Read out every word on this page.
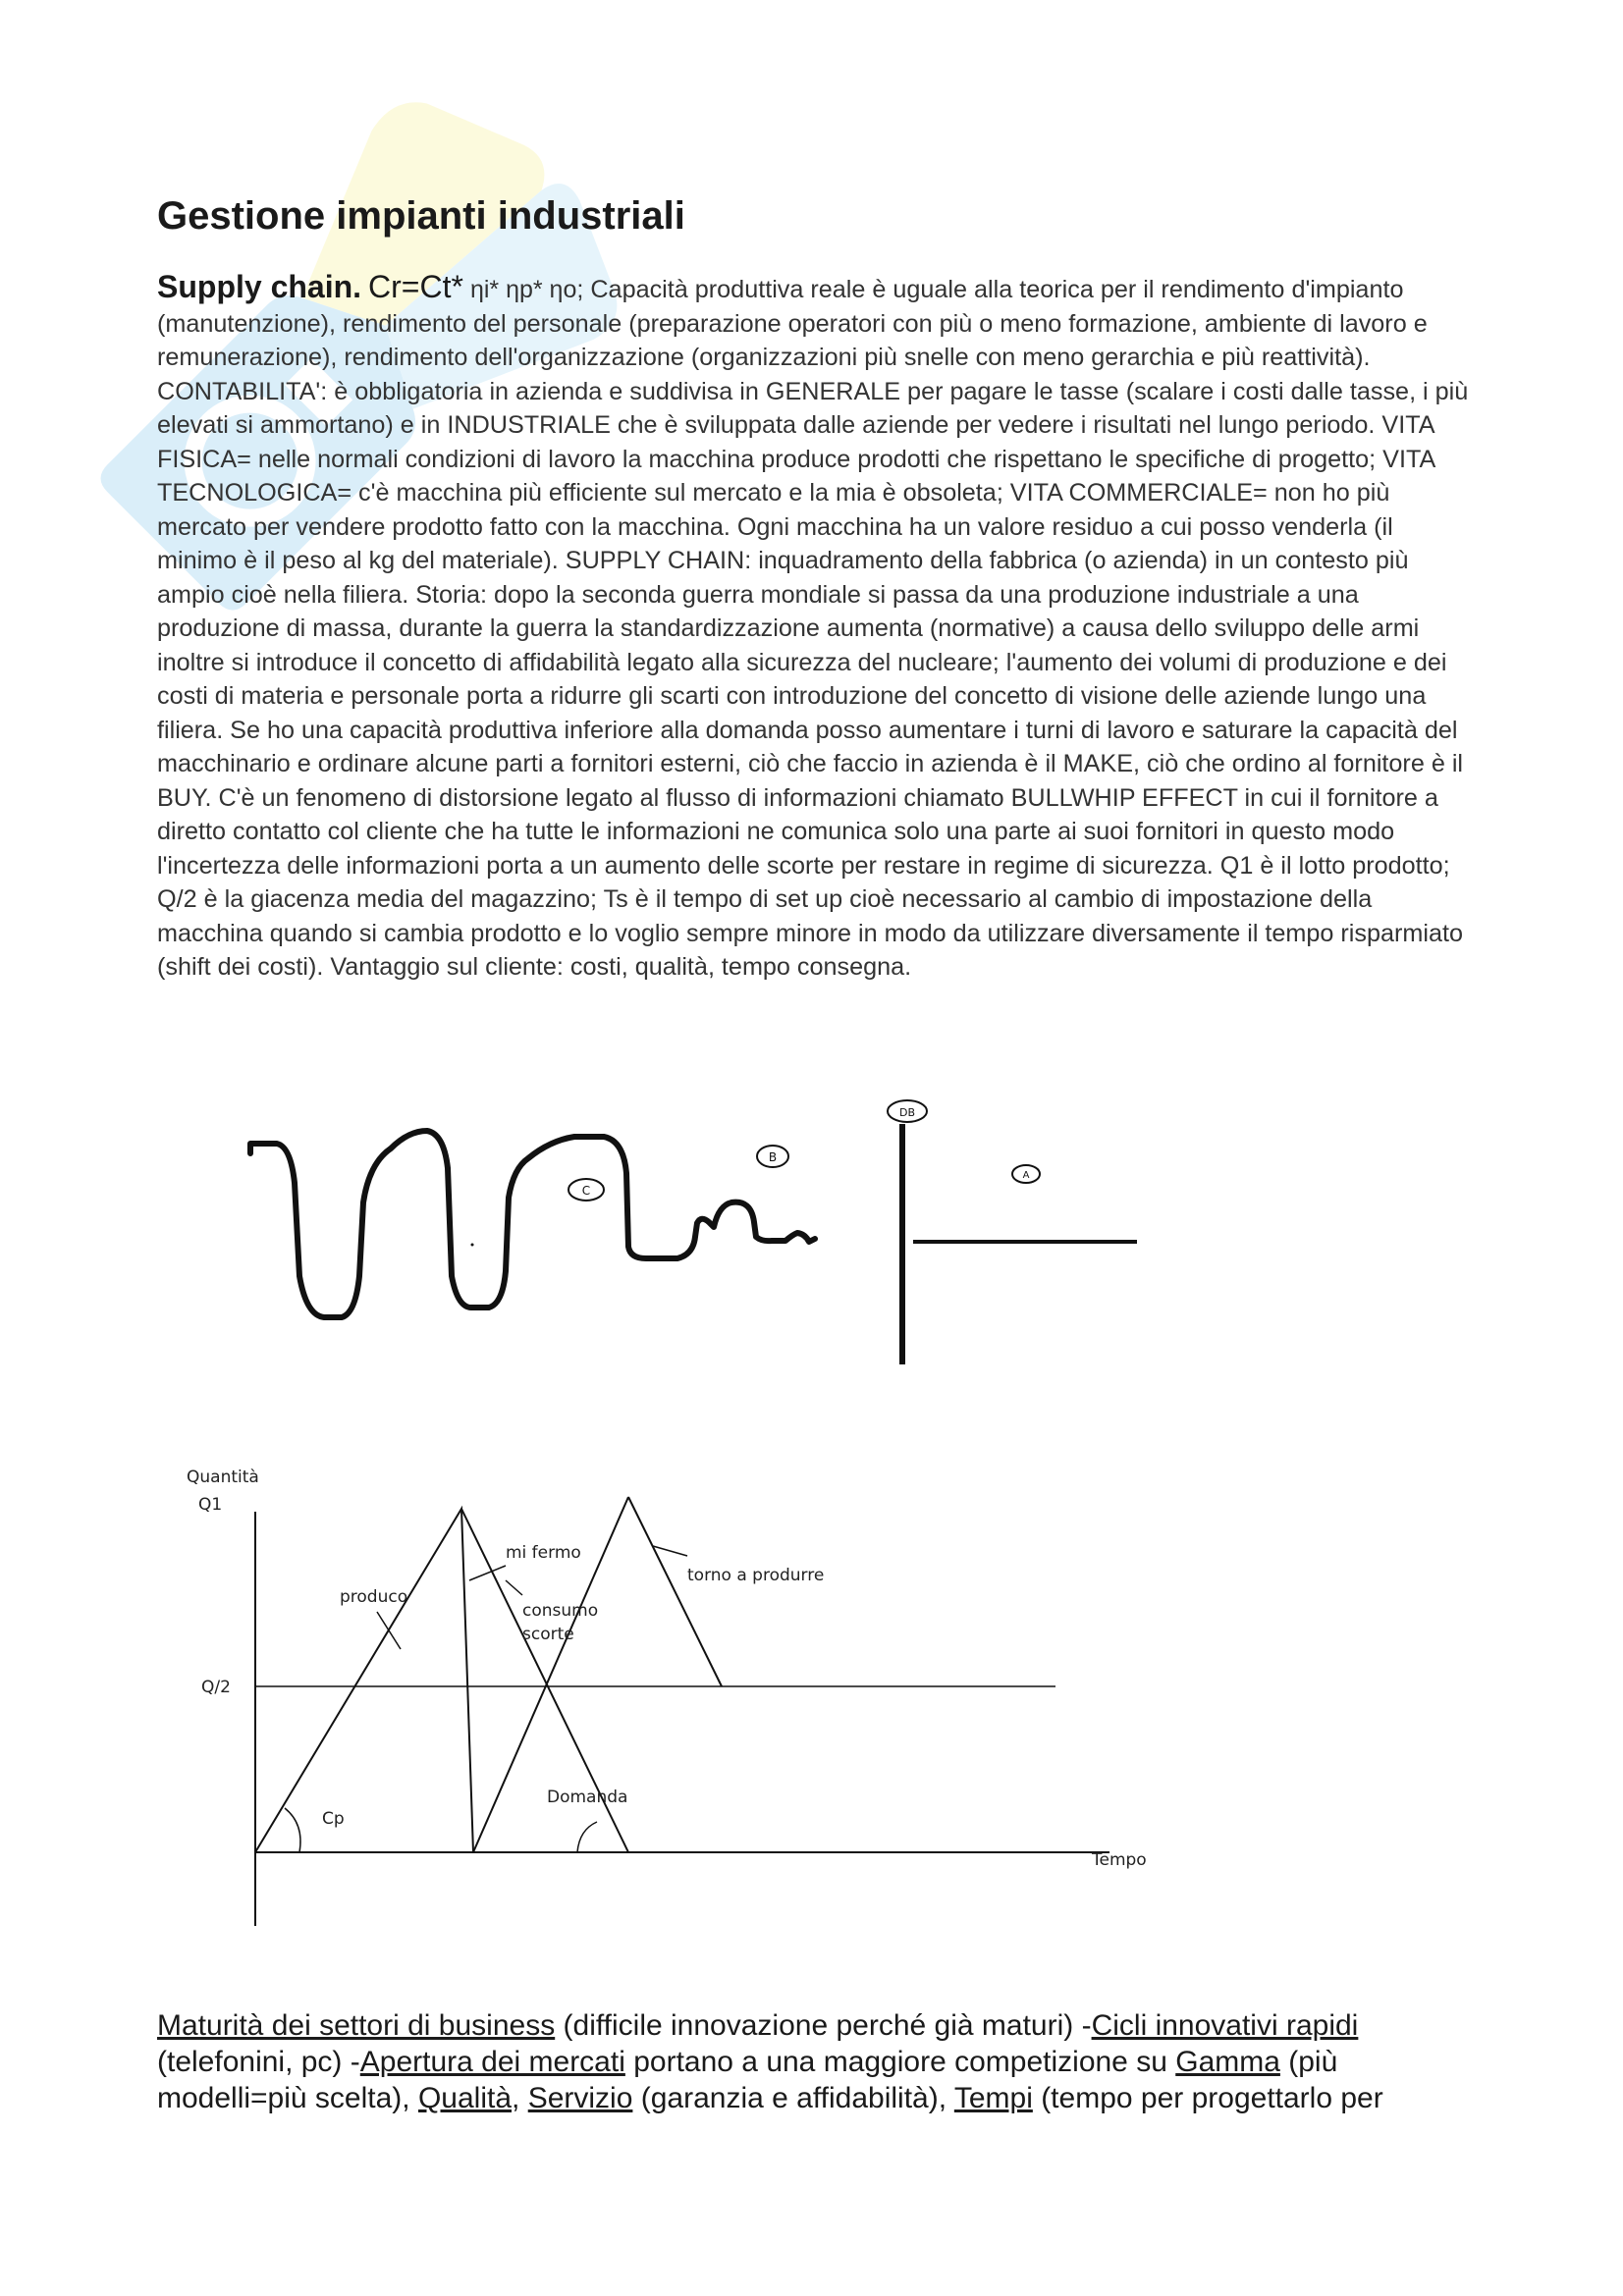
Gestione impianti industriali
Supply chain. Cr=Ct* ηi* ηp* ηo; Capacità produttiva reale è uguale alla teorica per il rendimento d'impianto (manutenzione), rendimento del personale (preparazione operatori con più o meno formazione, ambiente di lavoro e remunerazione), rendimento dell'organizzazione (organizzazioni più snelle con meno gerarchia e più reattività). CONTABILITA': è obbligatoria in azienda e suddivisa in GENERALE per pagare le tasse (scalare i costi dalle tasse, i più elevati si ammortano) e in INDUSTRIALE che è sviluppata dalle aziende per vedere i risultati nel lungo periodo. VITA FISICA= nelle normali condizioni di lavoro la macchina produce prodotti che rispettano le specifiche di progetto; VITA TECNOLOGICA= c'è macchina più efficiente sul mercato e la mia è obsoleta; VITA COMMERCIALE= non ho più mercato per vendere prodotto fatto con la macchina. Ogni macchina ha un valore residuo a cui posso venderla (il minimo è il peso al kg del materiale). SUPPLY CHAIN: inquadramento della fabbrica (o azienda) in un contesto più ampio cioè nella filiera. Storia: dopo la seconda guerra mondiale si passa da una produzione industriale a una produzione di massa, durante la guerra la standardizzazione aumenta (normative) a causa dello sviluppo delle armi inoltre si introduce il concetto di affidabilità legato alla sicurezza del nucleare; l'aumento dei volumi di produzione e dei costi di materia e personale porta a ridurre gli scarti con introduzione del concetto di visione delle aziende lungo una filiera. Se ho una capacità produttiva inferiore alla domanda posso aumentare i turni di lavoro e saturare la capacità del macchinario e ordinare alcune parti a fornitori esterni, ciò che faccio in azienda è il MAKE, ciò che ordino al fornitore è il BUY. C'è un fenomeno di distorsione legato al flusso di informazioni chiamato BULLWHIP EFFECT in cui il fornitore a diretto contatto col cliente che ha tutte le informazioni ne comunica solo una parte ai suoi fornitori in questo modo l'incertezza delle informazioni porta a un aumento delle scorte per restare in regime di sicurezza. Q1 è il lotto prodotto; Q/2 è la giacenza media del magazzino; Ts è il tempo di set up cioè necessario al cambio di impostazione della macchina quando si cambia prodotto e lo voglio sempre minore in modo da utilizzare diversamente il tempo risparmiato (shift dei costi). Vantaggio sul cliente: costi, qualità, tempo consegna.
C
B
DB
A
Quantità
Tempo
Q1
Q/2
produco
mi fermo
consumo
scorte
torno a produrre
Domanda
Cp
Maturità dei settori di business (difficile innovazione perché già maturi) -Cicli innovativi rapidi (telefonini, pc) -Apertura dei mercati portano a una maggiore competizione su Gamma (più modelli=più scelta), Qualità, Servizio (garanzia e affidabilità), Tempi (tempo per progettarlo per
